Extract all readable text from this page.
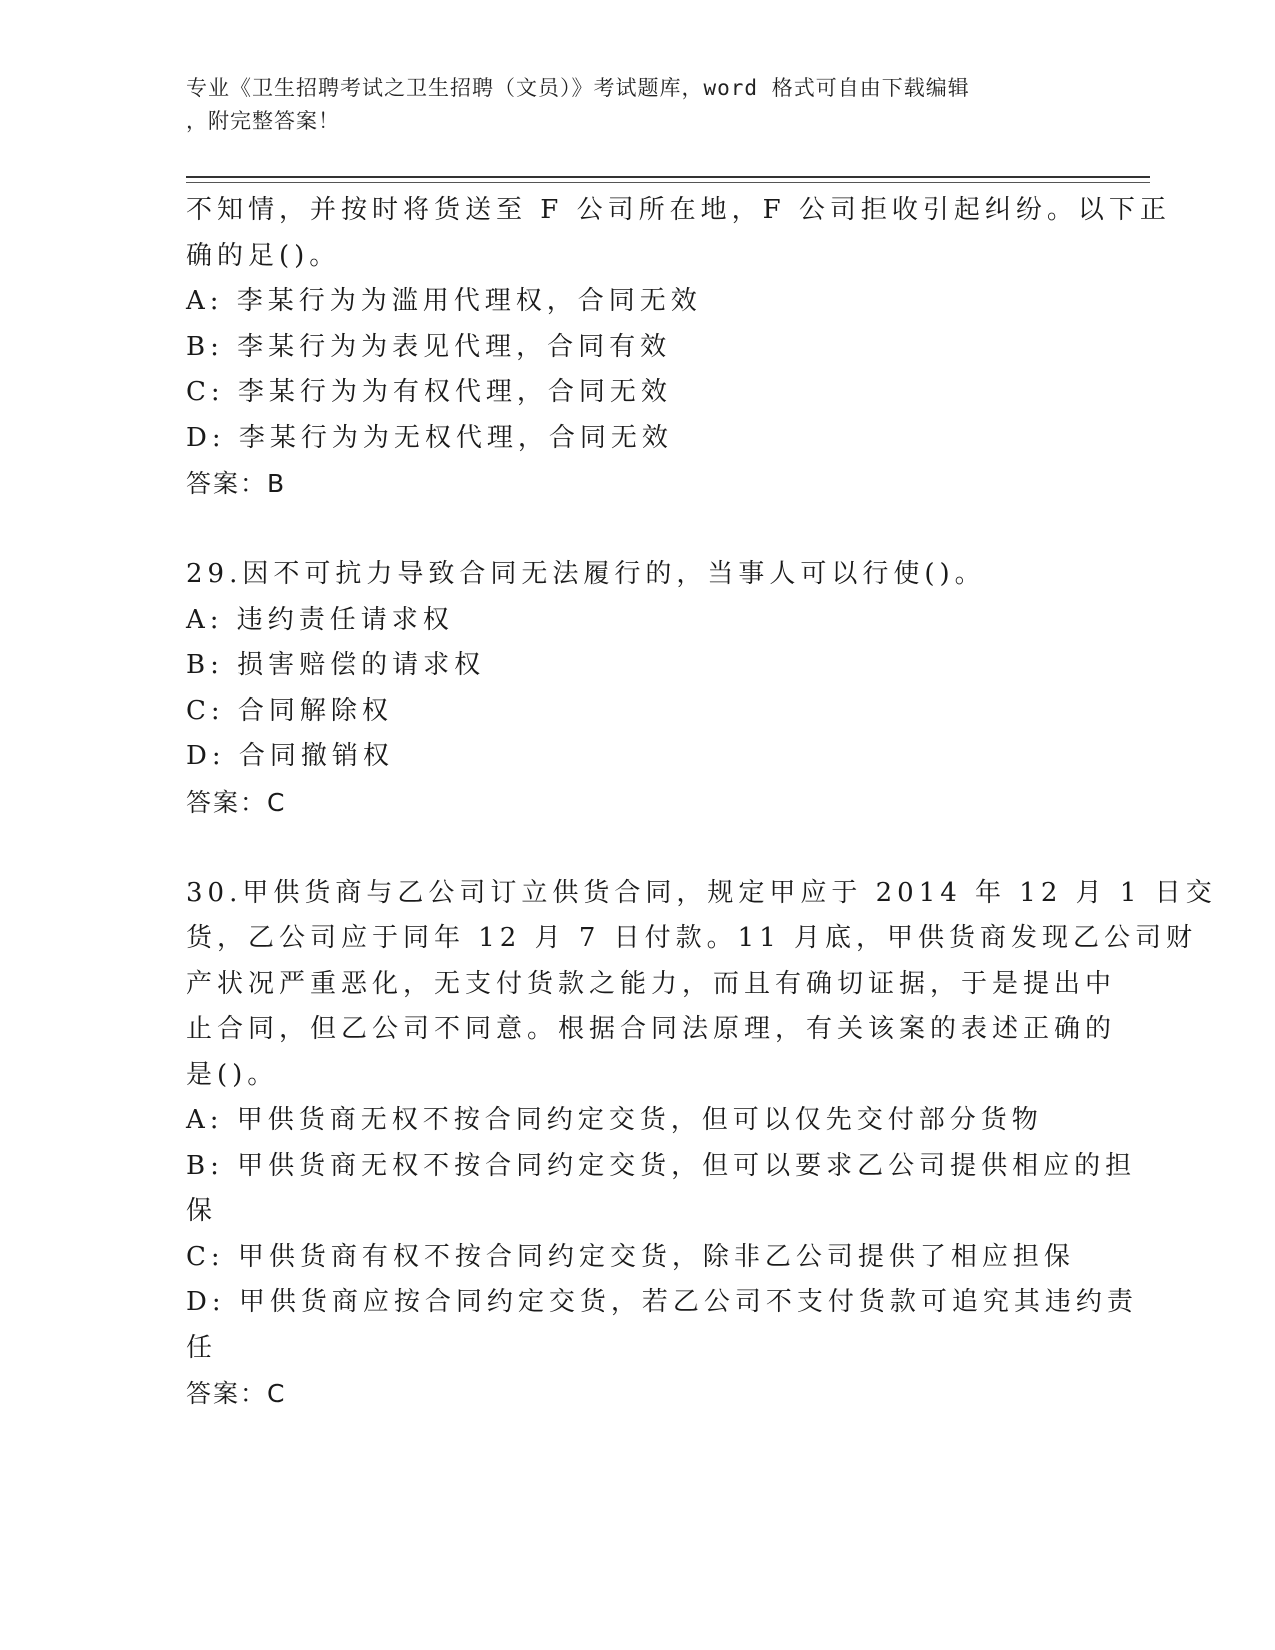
专业《卫生招聘考试之卫生招聘（文员）》考试题库，word 格式可自由下载编辑
，附完整答案！
不知情，并按时将货送至 F 公司所在地，F 公司拒收引起纠纷。以下正
确的足()。
A: 李某行为为滥用代理权，合同无效
B: 李某行为为表见代理，合同有效
C: 李某行为为有权代理，合同无效
D: 李某行为为无权代理，合同无效
答案：B
29.因不可抗力导致合同无法履行的，当事人可以行使()。
A: 违约责任请求权
B: 损害赔偿的请求权
C: 合同解除权
D: 合同撤销权
答案：C
30.甲供货商与乙公司订立供货合同，规定甲应于 2014 年 12 月 1 日交
货，乙公司应于同年 12 月 7 日付款。11 月底，甲供货商发现乙公司财
产状况严重恶化，无支付货款之能力，而且有确切证据，于是提出中
止合同，但乙公司不同意。根据合同法原理，有关该案的表述正确的
是()。
A: 甲供货商无权不按合同约定交货，但可以仅先交付部分货物
B: 甲供货商无权不按合同约定交货，但可以要求乙公司提供相应的担
保
C: 甲供货商有权不按合同约定交货，除非乙公司提供了相应担保
D: 甲供货商应按合同约定交货，若乙公司不支付货款可追究其违约责
任
答案：C
